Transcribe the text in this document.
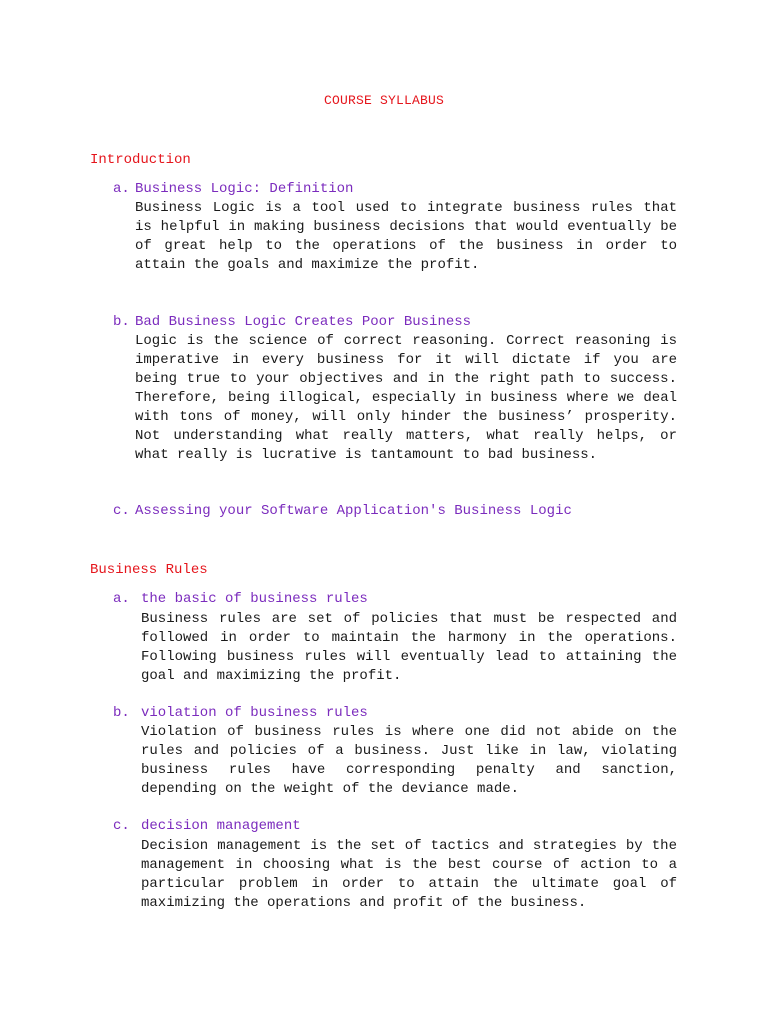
COURSE SYLLABUS
Introduction
a. Business Logic: Definition
Business Logic is a tool used to integrate business rules that is helpful in making business decisions that would eventually be of great help to the operations of the business in order to attain the goals and maximize the profit.
b. Bad Business Logic Creates Poor Business
Logic is the science of correct reasoning. Correct reasoning is imperative in every business for it will dictate if you are being true to your objectives and in the right path to success. Therefore, being illogical, especially in business where we deal with tons of money, will only hinder the business’ prosperity. Not understanding what really matters, what really helps, or what really is lucrative is tantamount to bad business.
c. Assessing your Software Application's Business Logic
Business Rules
a. the basic of business rules
Business rules are set of policies that must be respected and followed in order to maintain the harmony in the operations. Following business rules will eventually lead to attaining the goal and maximizing the profit.
b. violation of business rules
Violation of business rules is where one did not abide on the rules and policies of a business. Just like in law, violating business rules have corresponding penalty and sanction, depending on the weight of the deviance made.
c. decision management
Decision management is the set of tactics and strategies by the management in choosing what is the best course of action to a particular problem in order to attain the ultimate goal of maximizing the operations and profit of the business.
